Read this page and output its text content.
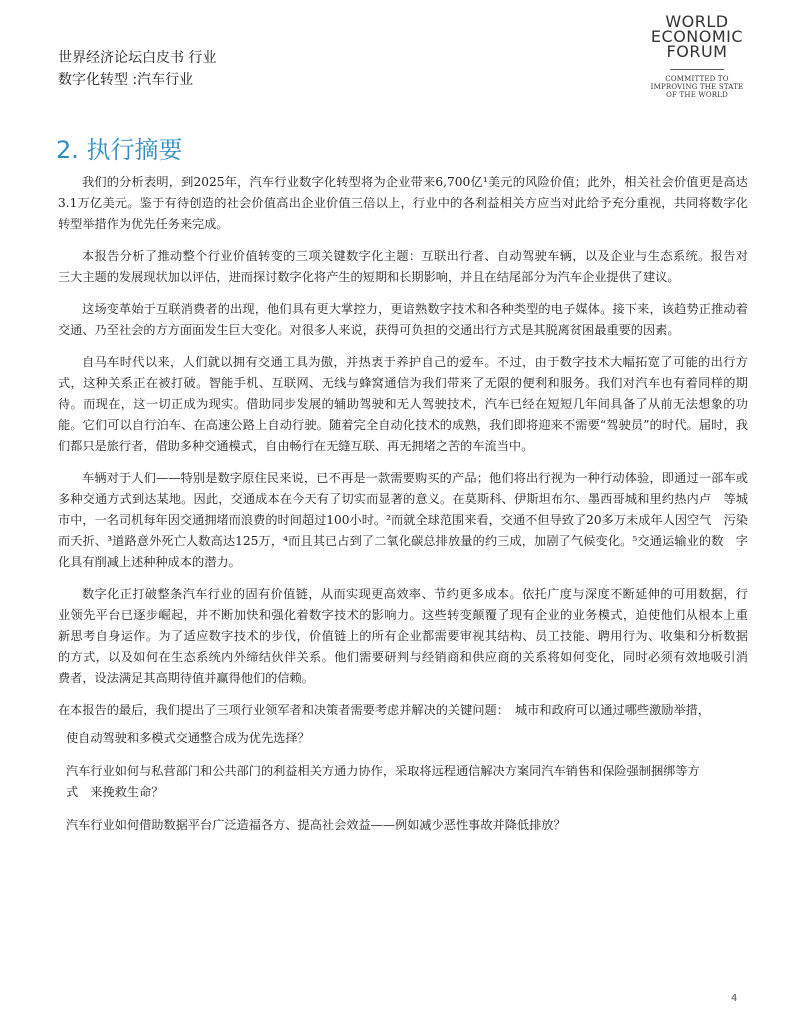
世界经济论坛白皮书 行业
数字化转型 :汽车行业
WORLD
ECONOMIC
FORUM
COMMITTED TO
IMPROVING THE STATE
OF THE WORLD
2. 执行摘要

我们的分析表明，到2025年，汽车行业数字化转型将为企业带来6,700亿¹美元的风险价值；此外，相关社会价值更是高达　3.1万亿美元。鉴于有待创造的社会价值高出企业价值三倍以上，行业中的各利益相关方应当对此给予充分重视，共同将数字化　转型举措作为优先任务来完成。

本报告分析了推动整个行业价值转变的三项关键数字化主题：互联出行者、自动驾驶车辆，以及企业与生态系统。报告对　三大主题的发展现状加以评估，进而探讨数字化将产生的短期和长期影响，并且在结尾部分为汽车企业提供了建议。

这场变革始于互联消费者的出现，他们具有更大掌控力，更谙熟数字技术和各种类型的电子媒体。接下来，该趋势正推动着交通、乃至社会的方方面面发生巨大变化。对很多人来说，获得可负担的交通出行方式是其脱离贫困最重要的因素。

自马车时代以来，人们就以拥有交通工具为傲，并热衷于养护自己的爱车。不过，由于数字技术大幅拓宽了可能的出行方式，这种关系正在被打破。智能手机、互联网、无线与蜂窝通信为我们带来了无限的便利和服务。我们对汽车也有着同样的期　待。而现在，这一切正成为现实。借助同步发展的辅助驾驶和无人驾驶技术，汽车已经在短短几年间具备了从前无法想象的功　能。它们可以自行泊车、在高速公路上自动行驶。随着完全自动化技术的成熟，我们即将迎来不需要“驾驶员”的时代。届时，我　们都只是旅行者，借助多种交通模式，自由畅行在无缝互联、再无拥堵之苦的车流当中。

车辆对于人们——特别是数字原住民来说，已不再是一款需要购买的产品；他们将出行视为一种行动体验，即通过一部车或多种交通方式到达某地。因此，交通成本在今天有了切实而显著的意义。在莫斯科、伊斯坦布尔、墨西哥城和里约热内卢　等城市中，一名司机每年因交通拥堵而浪费的时间超过100小时。²而就全球范围来看，交通不但导致了20多万未成年人因空气　污染而夭折、³道路意外死亡人数高达125万，⁴而且其已占到了二氧化碳总排放量的约三成，加剧了气候变化。⁵交通运输业的数　字化具有削减上述种种成本的潜力。

数字化正打破整条汽车行业的固有价值链，从而实现更高效率、节约更多成本。依托广度与深度不断延伸的可用数据，行　业领先平台已逐步崛起，并不断加快和强化着数字技术的影响力。这些转变颠覆了现有企业的业务模式，迫使他们从根本上重　新思考自身运作。为了适应数字技术的步伐，价值链上的所有企业都需要审视其结构、员工技能、聘用行为、收集和分析数据　的方式，以及如何在生态系统内外缔结伙伴关系。他们需要研判与经销商和供应商的关系将如何变化，同时必须有效地吸引消　费者，设法满足其高期待值并赢得他们的信赖。

在本报告的最后，我们提出了三项行业领军者和决策者需要考虑并解决的关键问题：　城市和政府可以通过哪些激励举措，

使自动驾驶和多模式交通整合成为优先选择？
汽车行业如何与私营部门和公共部门的利益相关方通力协作，采取将远程通信解决方案同汽车销售和保险强制捆绑等方
式　来挽救生命？
汽车行业如何借助数据平台广泛造福各方、提高社会效益——例如减少恶性事故并降低排放？
4
